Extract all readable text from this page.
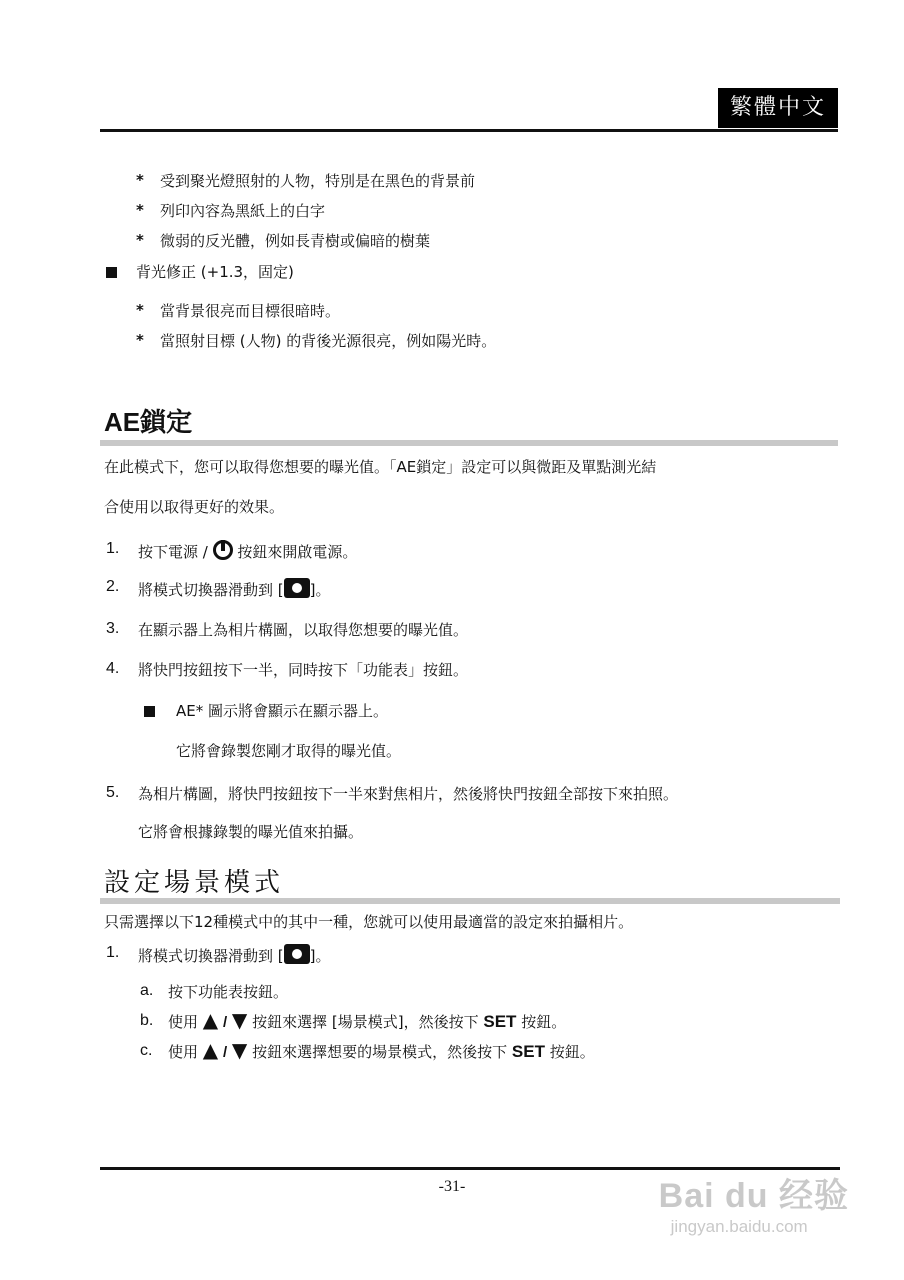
繁體中文
* 受到聚光燈照射的人物，特別是在黑色的背景前
* 列印內容為黑紙上的白字
* 微弱的反光體，例如長青樹或偏暗的樹葉
背光修正 (+1.3，固定)
* 當背景很亮而目標很暗時。
* 當照射目標 (人物) 的背後光源很亮，例如陽光時。
AE鎖定
在此模式下，您可以取得您想要的曝光值。「AE鎖定」設定可以與微距及單點測光結
合使用以取得更好的效果。
1. 按下電源 / 按鈕來開啟電源。
2. 將模式切換器滑動到 [ ]。
3. 在顯示器上為相片構圖，以取得您想要的曝光值。
4. 將快門按鈕按下一半，同時按下「功能表」按鈕。
AE* 圖示將會顯示在顯示器上。
它將會錄製您剛才取得的曝光值。
5. 為相片構圖，將快門按鈕按下一半來對焦相片，然後將快門按鈕全部按下來拍照。
它將會根據錄製的曝光值來拍攝。
設定場景模式
只需選擇以下12種模式中的其中一種，您就可以使用最適當的設定來拍攝相片。
1. 將模式切換器滑動到 [ ]。
a. 按下功能表按鈕。
b. 使用 ▲ / ▼ 按鈕來選擇 [場景模式]，然後按下 SET 按鈕。
c. 使用 ▲ / ▼ 按鈕來選擇想要的場景模式，然後按下 SET 按鈕。
-31-	Bai du 经验
jingyan.baidu.com
